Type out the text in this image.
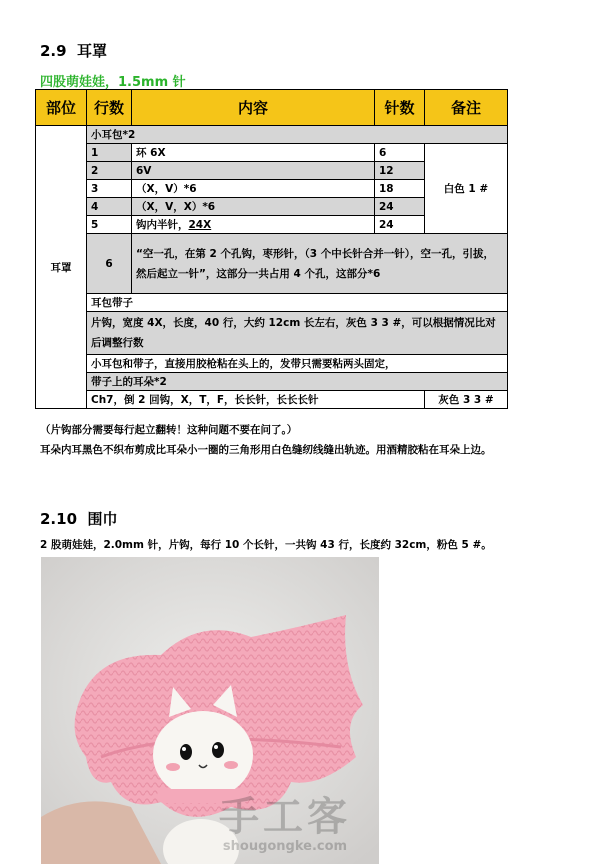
2.9 耳罩
四股萌娃娃，1.5mm 针
部位	行数	内容	针数	备注
耳罩	小耳包*2			
	1	环 6X	6	白色 1 #
	2	6V	12	
	3	（X，V）*6	18	
	4	（X，V，X）*6	24	
	5	钩内半针，24X	24	
	6	“空一孔，在第 2 个孔钩，枣形针，（3 个中长针合并一针），空一孔，引拔，然后起立一针”，这部分一共占用 4 个孔，这部分*6		
	耳包带子			
	片钩，宽度 4X，长度，40 行，大约 12cm 长左右，灰色 3 3 #，可以根据情况比对后调整行数			
	小耳包和带子，直接用胶枪粘在头上的，发带只需要粘两头固定，			
	带子上的耳朵*2			
	Ch7，倒 2 回钩，X，T，F，长长针，长长长针			灰色 3 3 #
（片钩部分需要每行起立翻转！这种问题不要在问了。）
耳朵内耳黑色不织布剪成比耳朵小一圈的三角形用白色缝纫线缝出轨迹。用酒精胶粘在耳朵上边。
2.10 围巾
2 股萌娃娃，2.0mm 针，片钩，每行 10 个长针，一共钩 43 行，长度约 32cm，粉色 5 #。
手工客
shougongke.com
